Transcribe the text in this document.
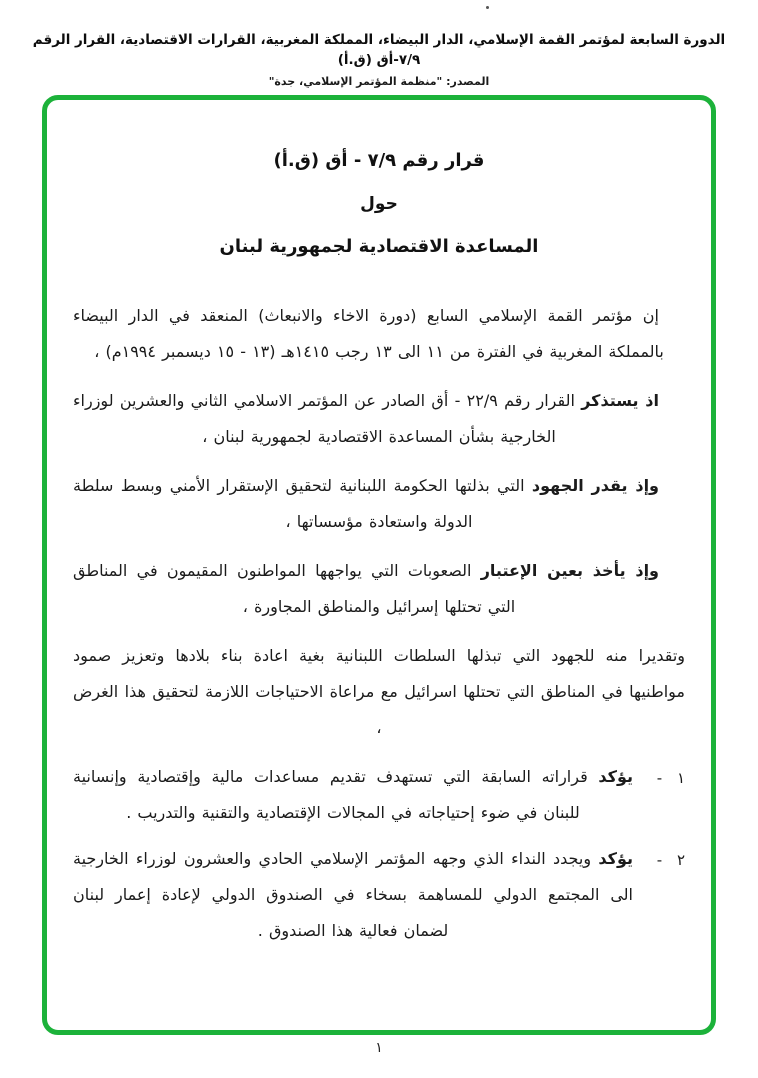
الدورة السابعة لمؤتمر القمة الإسلامي، الدار البيضاء، المملكة المغربية، القرارات الاقتصادية، القرار الرقم ٧/٩-أق (ق.أ)
المصدر: "منظمة المؤتمر الإسلامي، جدة"
قرار رقم ٧/٩ - أق (ق.أ)
حول
المساعدة الاقتصادية لجمهورية لبنان

إن مؤتمر القمة الإسلامي السابع (دورة الاخاء والانبعاث) المنعقد في الدار البيضاء بالمملكة المغربية في الفترة من ١١ الى ١٣ رجب ١٤١٥هـ (١٣ - ١٥ ديسمبر ١٩٩٤م) ،

اذ يستذكر القرار رقم ٢٢/٩ - أق الصادر عن المؤتمر الاسلامي الثاني والعشرين لوزراء الخارجية بشأن المساعدة الاقتصادية لجمهورية لبنان ،

وإذ يقدر الجهود التي بذلتها الحكومة اللبنانية لتحقيق الإستقرار الأمني وبسط سلطة الدولة واستعادة مؤسساتها ،

وإذ يأخذ بعين الإعتبار الصعوبات التي يواجهها المواطنون المقيمون في المناطق التي تحتلها إسرائيل والمناطق المجاورة ،

وتقديرا منه للجهود التي تبذلها السلطات اللبنانية بغية اعادة بناء بلادها وتعزيز صمود مواطنيها في المناطق التي تحتلها اسرائيل مع مراعاة الاحتياجات اللازمة لتحقيق هذا الغرض ،

١ -
يؤكد قراراته السابقة التي تستهدف تقديم مساعدات مالية وإقتصادية وإنسانية للبنان في ضوء إحتياجاته في المجالات الإقتصادية والتقنية والتدريب .
٢ -
يؤكد ويجدد النداء الذي وجهه المؤتمر الإسلامي الحادي والعشرون لوزراء الخارجية الى المجتمع الدولي للمساهمة بسخاء في الصندوق الدولي لإعادة إعمار لبنان لضمان فعالية هذا الصندوق .
١
